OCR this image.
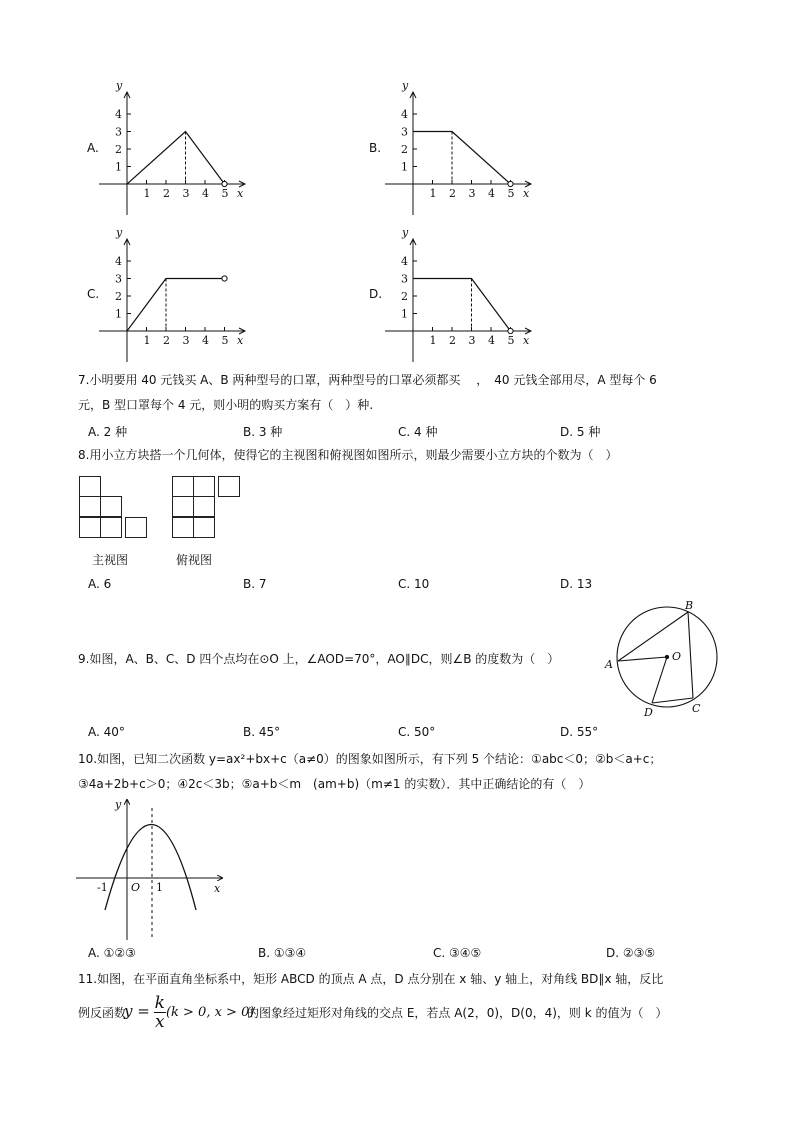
A.
4
3
2
1
1 2 3 4 5
y
x
B.
4
3
2
1
1 2 3 4 5
y
x
C.
4
3
2
1
1 2 3 4 5
y
x
D.
4
3
2
1
1 2 3 4 5
y
x
7.小明要用 40 元钱买 A、B 两种型号的口罩，两种型号的口罩必须都买　 ，　40 元钱全部用尽，A 型每个 6
元，B 型口罩每个 4 元，则小明的购买方案有（　）种.
A. 2 种	B. 3 种	C. 4 种	D. 5 种
8.用小立方块搭一个几何体，使得它的主视图和俯视图如图所示，则最少需要小立方块的个数为（　）
主视图	俯视图
A. 6	B. 7	C. 10	D. 13
9.如图，A、B、C、D 四个点均在⊙O 上，∠AOD=70°，AO∥DC，则∠B 的度数为（　）	A
B
C
D
O
A. 40°	B. 45°	C. 50°	D. 55°
10.如图，已知二次函数 y=ax²+bx+c（a≠0）的图象如图所示，有下列 5 个结论：①abc＜0；②b＜a+c；
③4a+2b+c＞0；④2c＜3b；⑤a+b＜m　(am+b)（m≠1 的实数）．其中正确结论的有（　）
y
x
O
-1	1
A. ①②③	B. ①③④	C. ③④⑤	D. ②③⑤
11.如图，在平面直角坐标系中，矩形 ABCD 的顶点 A 点，D 点分别在 x 轴、y 轴上，对角线 BD∥x 轴，反比
例反函数
$y = \frac{k}{x} (k > 0$, x > 0)
的图象经过矩形对角线的交点 E，若点 A(2，0)，D(0，4)，则 k 的值为（　）
